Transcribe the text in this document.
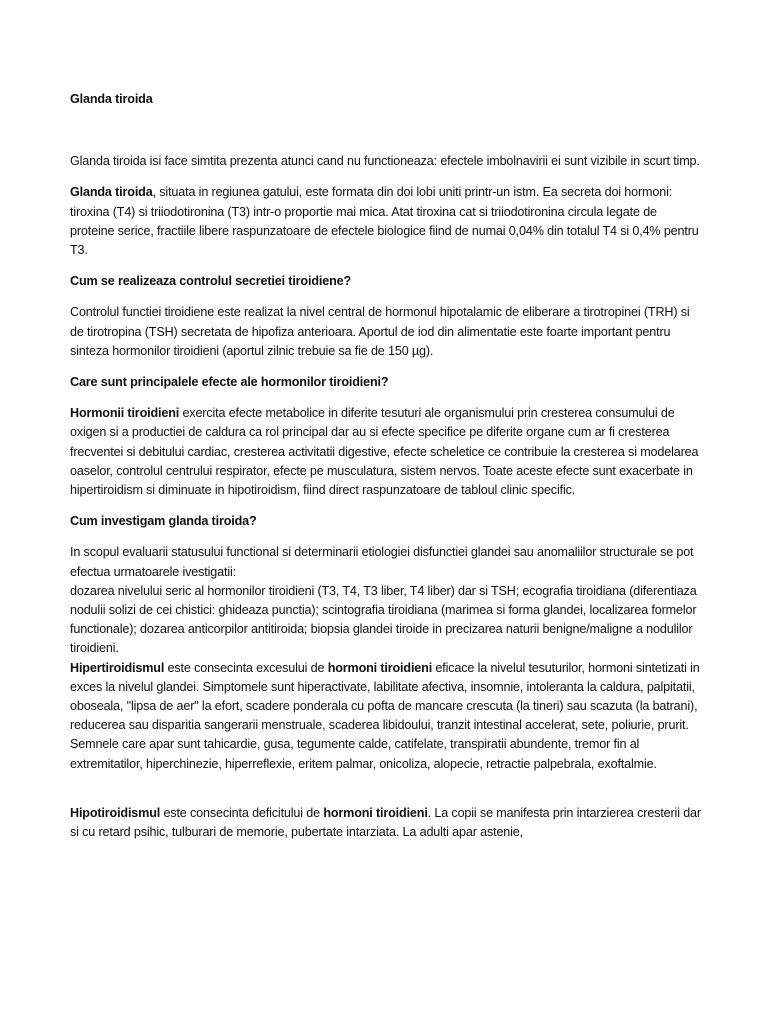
Glanda tiroida

Glanda tiroida isi face simtita prezenta atunci cand nu functioneaza: efectele imbolnavirii ei sunt vizibile in scurt timp.

Glanda tiroida, situata in regiunea gatului, este formata din doi lobi uniti printr-un istm. Ea secreta doi hormoni: tiroxina (T4) si triiodotironina (T3) intr-o proportie mai mica. Atat tiroxina cat si triiodotironina circula legate de proteine serice, fractiile libere raspunzatoare de efectele biologice fiind de numai 0,04% din totalul T4 si 0,4% pentru T3.

Cum se realizeaza controlul secretiei tiroidiene?

Controlul functiei tiroidiene este realizat la nivel central de hormonul hipotalamic de eliberare a tirotropinei (TRH) si de tirotropina (TSH) secretata de hipofiza anterioara. Aportul de iod din alimentatie este foarte important pentru sinteza hormonilor tiroidieni (aportul zilnic trebuie sa fie de 150 µg).

Care sunt principalele efecte ale hormonilor tiroidieni?

Hormonii tiroidieni exercita efecte metabolice in diferite tesuturi ale organismului prin cresterea consumului de oxigen si a productiei de caldura ca rol principal dar au si efecte specifice pe diferite organe cum ar fi cresterea frecventei si debitului cardiac, cresterea activitatii digestive, efecte scheletice ce contribuie la cresterea si modelarea oaselor, controlul centrului respirator, efecte pe musculatura, sistem nervos. Toate aceste efecte sunt exacerbate in hipertiroidism si diminuate in hipotiroidism, fiind direct raspunzatoare de tabloul clinic specific.

Cum investigam glanda tiroida?

In scopul evaluarii statusului functional si determinarii etiologiei disfunctiei glandei sau anomaliilor structurale se pot efectua urmatoarele ivestigatii:
dozarea nivelului seric al hormonilor tiroidieni (T3, T4, T3 liber, T4 liber) dar si TSH; ecografia tiroidiana (diferentiaza nodulii solizi de cei chistici: ghideaza punctia); scintografia tiroidiana (marimea si forma glandei, localizarea formelor functionale); dozarea anticorpilor antitiroida; biopsia glandei tiroide in precizarea naturii benigne/maligne a nodulilor tiroidieni.

Hipertiroidismul este consecinta excesului de hormoni tiroidieni eficace la nivelul tesuturilor, hormoni sintetizati in exces la nivelul glandei. Simptomele sunt hiperactivate, labilitate afectiva, insomnie, intoleranta la caldura, palpitatii, oboseala, "lipsa de aer" la efort, scadere ponderala cu pofta de mancare crescuta (la tineri) sau scazuta (la batrani), reducerea sau disparitia sangerarii menstruale, scaderea libidoului, tranzit intestinal accelerat, sete, poliurie, prurit. Semnele care apar sunt tahicardie, gusa, tegumente calde, catifelate, transpiratii abundente, tremor fin al extremitatilor, hiperchinezie, hiperreflexie, eritem palmar, onicoliza, alopecie, retractie palpebrala, exoftalmie.

Hipotiroidismul este consecinta deficitului de hormoni tiroidieni. La copii se manifesta prin intarzierea cresterii dar si cu retard psihic, tulburari de memorie, pubertate intarziata. La adulti apar astenie,
